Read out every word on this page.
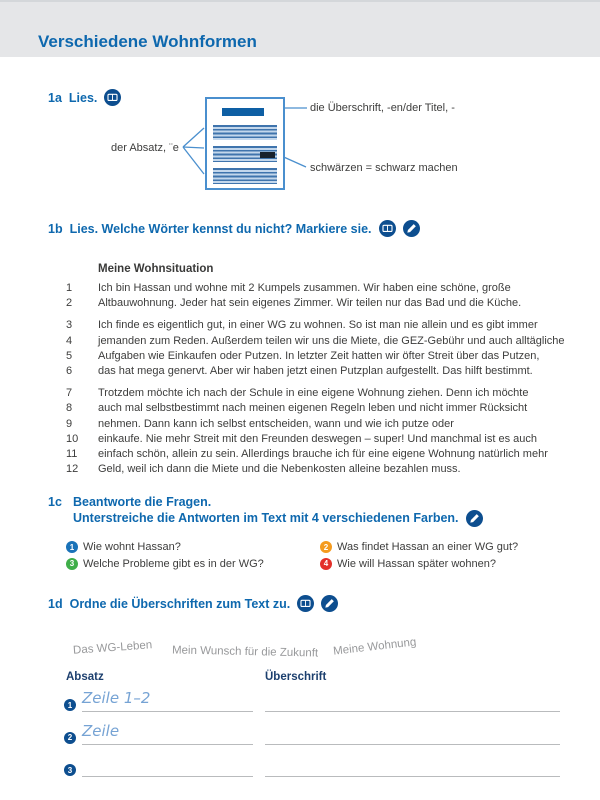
Verschiedene Wohnformen
1a Lies.
die Überschrift, -en/der Titel, -
der Absatz, ¨e
schwärzen = schwarz machen
1b Lies. Welche Wörter kennst du nicht? Markiere sie.
Meine Wohnsituation
1	Ich bin Hassan und wohne mit 2 Kumpels zusammen. Wir haben eine schöne, große
2	Altbauwohnung. Jeder hat sein eigenes Zimmer. Wir teilen nur das Bad und die Küche.
3	Ich finde es eigentlich gut, in einer WG zu wohnen. So ist man nie allein und es gibt immer
4	jemanden zum Reden. Außerdem teilen wir uns die Miete, die GEZ-Gebühr und auch alltägliche
5	Aufgaben wie Einkaufen oder Putzen. In letzter Zeit hatten wir öfter Streit über das Putzen,
6	das hat mega genervt. Aber wir haben jetzt einen Putzplan aufgestellt. Das hilft bestimmt.
7	Trotzdem möchte ich nach der Schule in eine eigene Wohnung ziehen. Denn ich möchte
8	auch mal selbstbestimmt nach meinen eigenen Regeln leben und nicht immer Rücksicht
9	nehmen. Dann kann ich selbst entscheiden, wann und wie ich putze oder
10	einkaufe. Nie mehr Streit mit den Freunden deswegen – super! Und manchmal ist es auch
11	einfach schön, allein zu sein. Allerdings brauche ich für eine eigene Wohnung natürlich mehr
12	Geld, weil ich dann die Miete und die Nebenkosten alleine bezahlen muss.
1c Beantworte die Fragen.
Unterstreiche die Antworten im Text mit 4 verschiedenen Farben.
1 Wie wohnt Hassan?	2 Was findet Hassan an einer WG gut?
3 Welche Probleme gibt es in der WG?	4 Wie will Hassan später wohnen?
1d Ordne die Überschriften zum Text zu.
Das WG-Leben Mein Wunsch für die Zukunft Meine Wohnung
Absatz	Überschrift
1 Zeile 1–2
2 Zeile
3
